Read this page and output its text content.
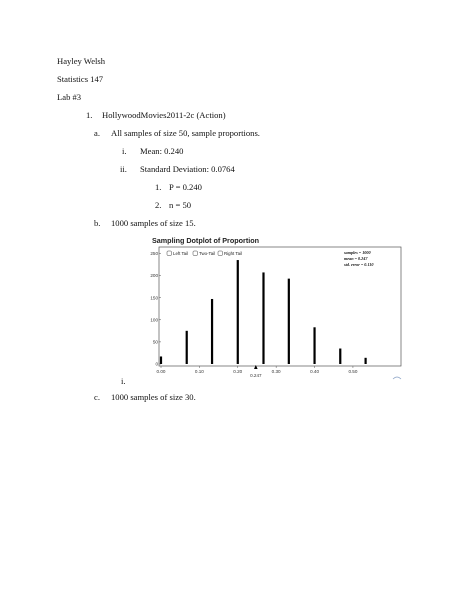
Hayley Welsh
Statistics 147
Lab #3
1. HollywoodMovies2011-2c (Action)
a. All samples of size 50, sample proportions.
i. Mean: 0.240
ii. Standard Deviation: 0.0764
1. P = 0.240
2. n = 50
b. 1000 samples of size 15.
Sampling Dotplot of Proportion
Left Tail Two-Tail Right Tail	samples = 1000
mean = 0.247
std. error = 0.110
0
50
100
150
200
250
0.00	0.10	0.20	0.30	0.40	0.50
0.247
i.
c. 1000 samples of size 30.
